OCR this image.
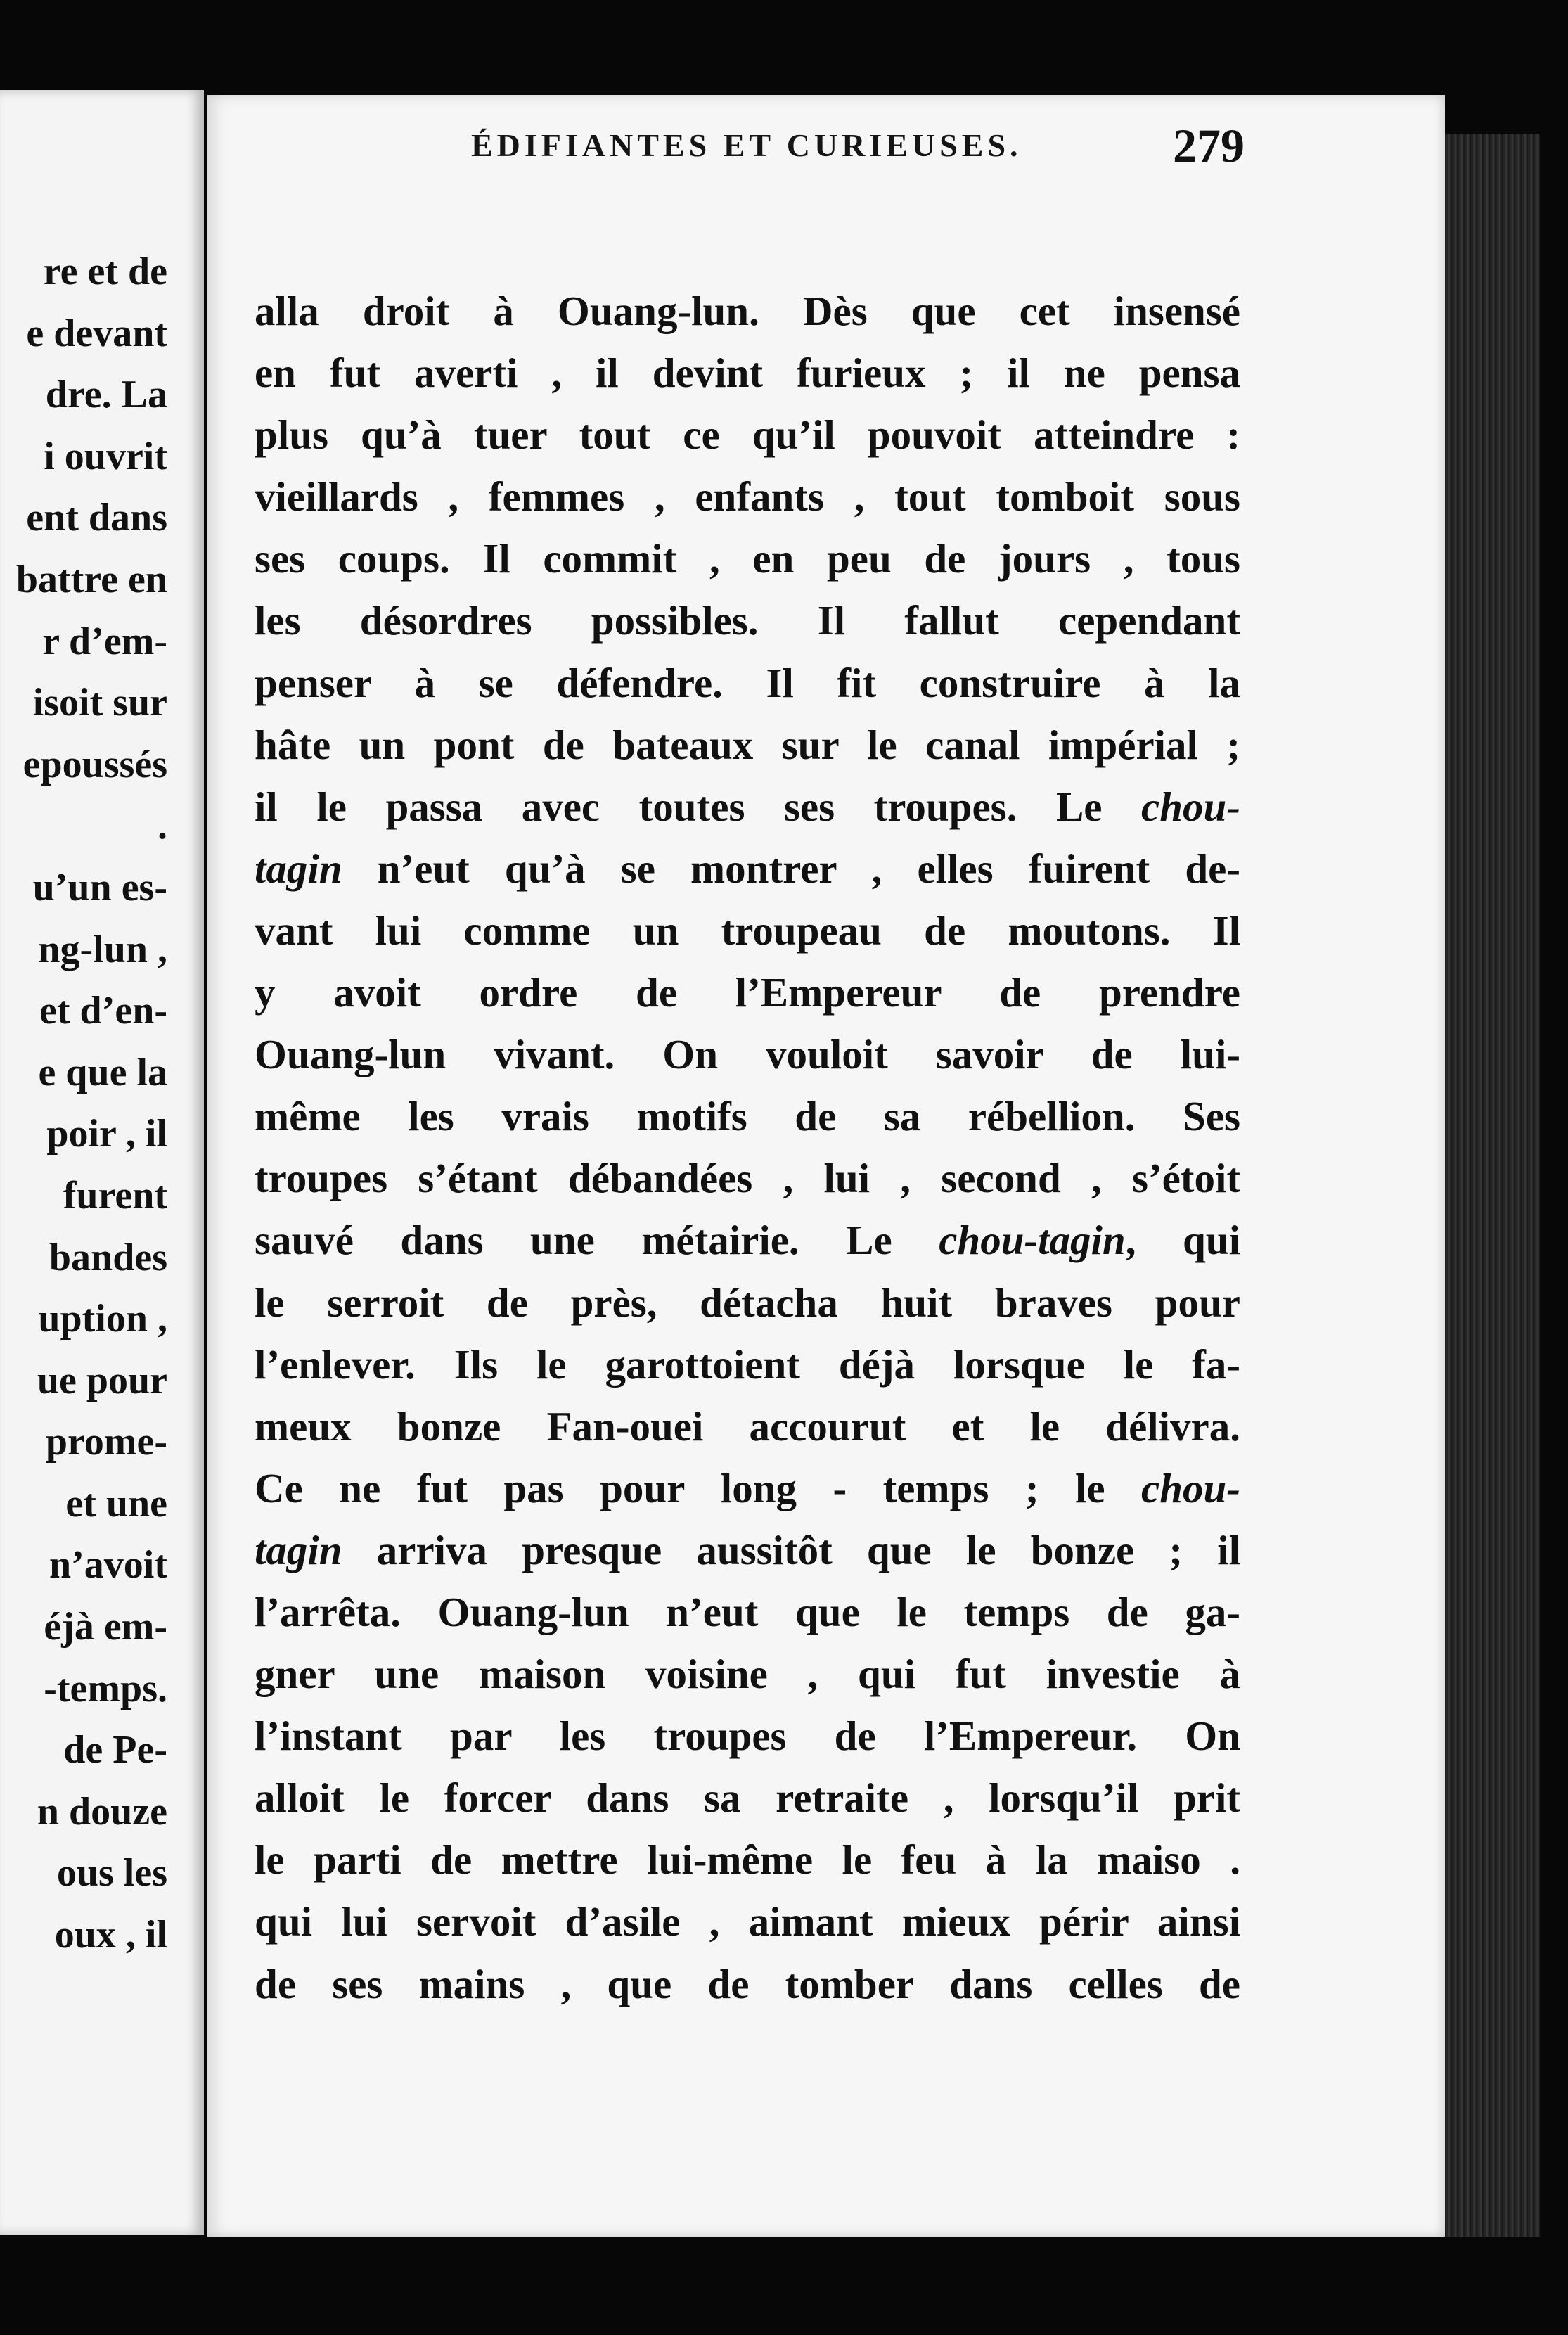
re et de
e devant
dre. La
i ouvrit
ent dans
battre en
r d’em-
isoit sur
epoussés
.
u’un es-
ng-lun ,
et d’en-
e que la
poir , il
furent
bandes
uption ,
ue pour
prome-
et une
n’avoit
éjà em-
-temps.
de Pe-
n douze
ous les
oux , il
ÉDIFIANTES ET CURIEUSES.	279
alla droit à Ouang-lun. Dès que cet insensé
en fut averti , il devint furieux ; il ne pensa
plus qu’à tuer tout ce qu’il pouvoit atteindre :
vieillards , femmes , enfants , tout tomboit sous
ses coups. Il commit , en peu de jours , tous
les désordres possibles. Il fallut cependant
penser à se défendre. Il fit construire à la
hâte un pont de bateaux sur le canal impérial ;
il le passa avec toutes ses troupes. Le chou-
tagin n’eut qu’à se montrer , elles fuirent de-
vant lui comme un troupeau de moutons. Il
y avoit ordre de l’Empereur de prendre
Ouang-lun vivant. On vouloit savoir de lui-
même les vrais motifs de sa rébellion. Ses
troupes s’étant débandées , lui , second , s’étoit
sauvé dans une métairie. Le chou-tagin, qui
le serroit de près, détacha huit braves pour
l’enlever. Ils le garottoient déjà lorsque le fa-
meux bonze Fan-ouei accourut et le délivra.
Ce ne fut pas pour long - temps ; le chou-
tagin arriva presque aussitôt que le bonze ; il
l’arrêta. Ouang-lun n’eut que le temps de ga-
gner une maison voisine , qui fut investie à
l’instant par les troupes de l’Empereur. On
alloit le forcer dans sa retraite , lorsqu’il prit
le parti de mettre lui-même le feu à la maiso .
qui lui servoit d’asile , aimant mieux périr ainsi
de ses mains , que de tomber dans celles de
